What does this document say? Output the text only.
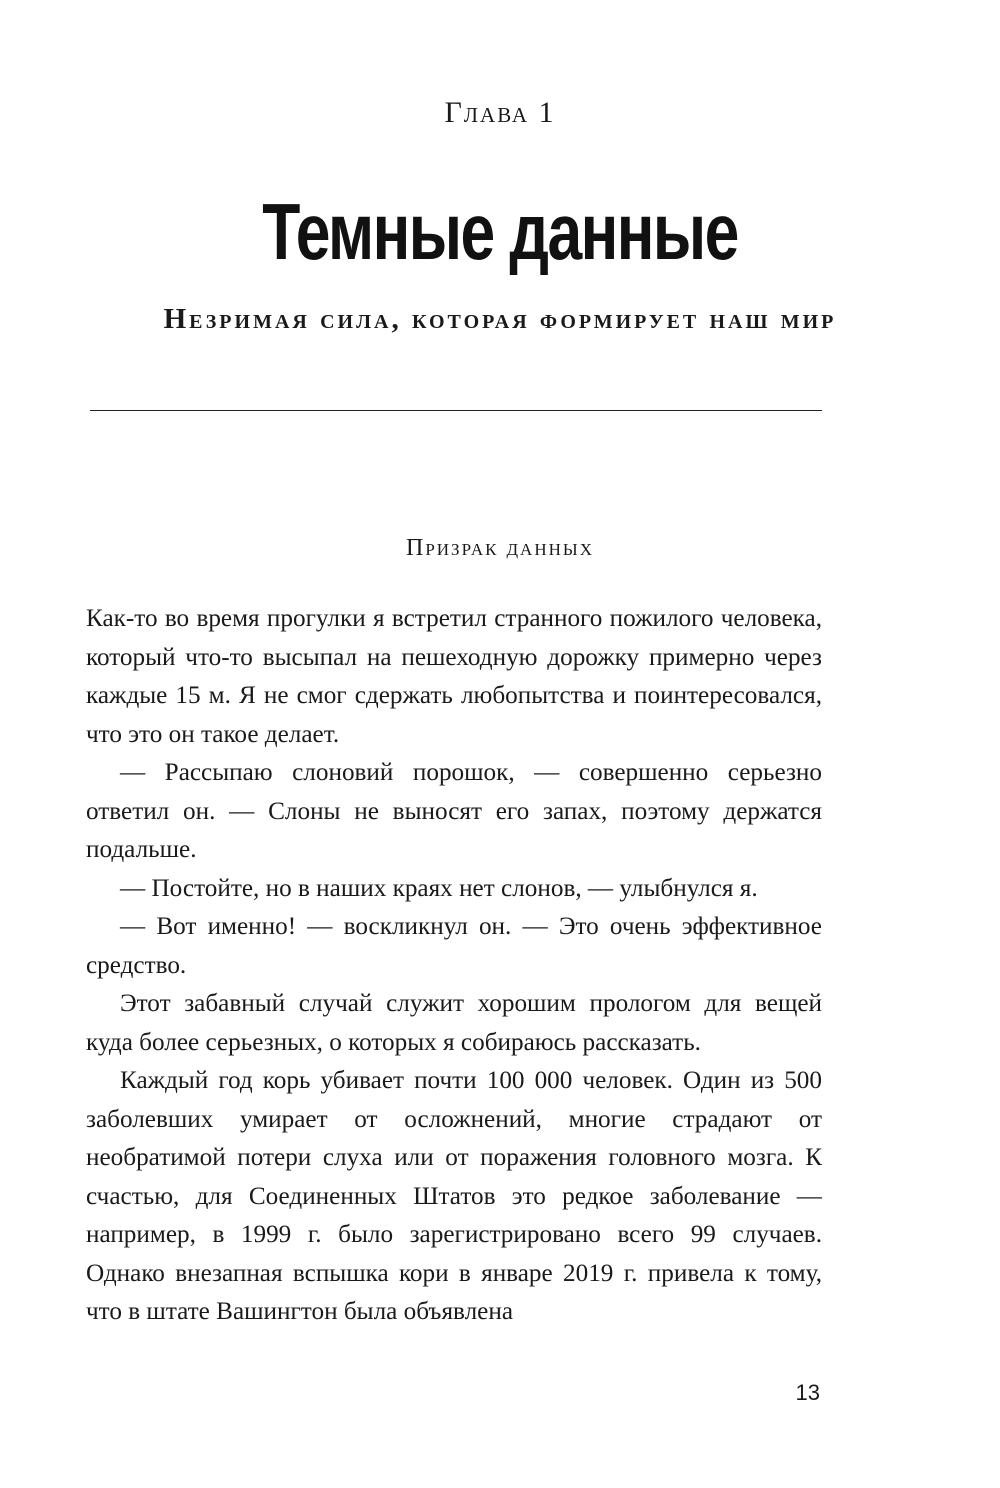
Глава 1
Темные данные
Незримая сила, которая формирует наш мир
Призрак данных

Как-то во время прогулки я встретил странного пожилого человека, который что-то высыпал на пешеходную дорожку примерно через каждые 15 м. Я не смог сдержать любопытства и поинтересовался, что это он такое делает.

— Рассыпаю слоновий порошок, — совершенно серьезно ответил он. — Слоны не выносят его запах, поэтому держатся подальше.

— Постойте, но в наших краях нет слонов, — улыбнулся я.

— Вот именно! — воскликнул он. — Это очень эффективное средство.

Этот забавный случай служит хорошим прологом для вещей куда более серьезных, о которых я собираюсь рассказать.

Каждый год корь убивает почти 100 000 человек. Один из 500 заболевших умирает от осложнений, многие страдают от необратимой потери слуха или от поражения головного мозга. К счастью, для Соединенных Штатов это редкое заболевание — например, в 1999 г. было зарегистрировано всего 99 случаев. Однако внезапная вспышка кори в январе 2019 г. привела к тому, что в штате Вашингтон была объявлена

13
